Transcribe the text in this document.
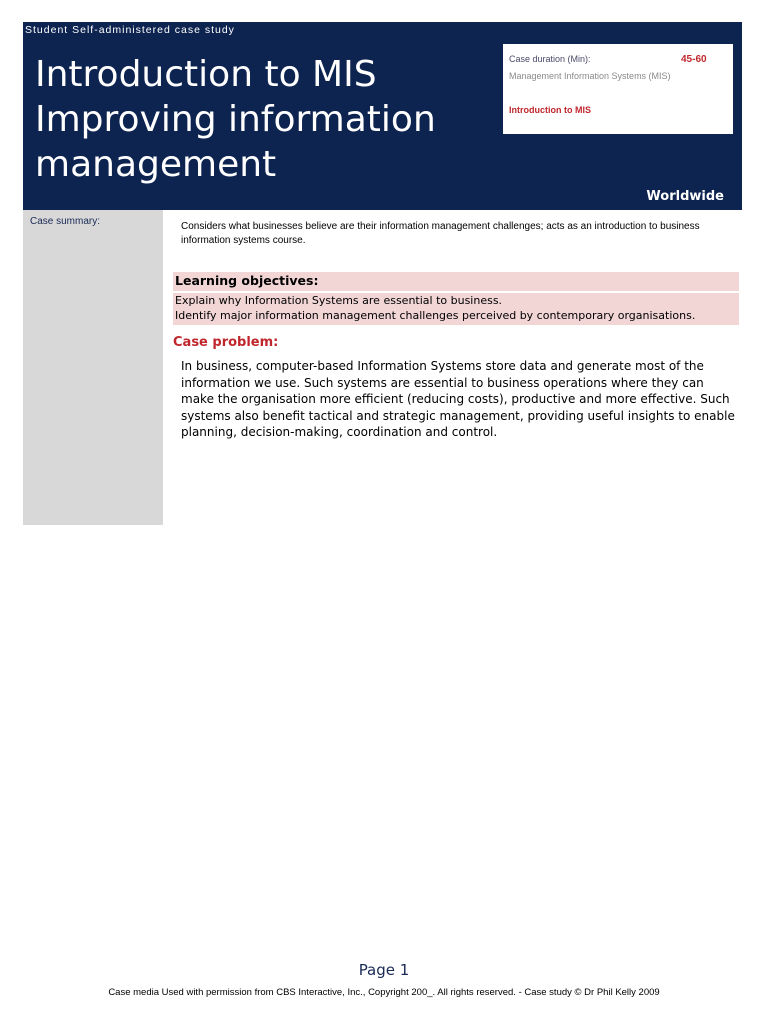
Student Self-administered case study
Introduction to MIS
Improving information
management
Case duration (Min):	45-60
Management Information Systems (MIS)
Introduction to MIS
Worldwide
Case summary:	Considers what businesses believe are their information management challenges; acts as an introduction to business information systems course.
Learning objectives:
Explain why Information Systems are essential to business.
Identify major information management challenges perceived by contemporary organisations.
Case problem:
In business, computer-based Information Systems store data and generate most of the information we use. Such systems are essential to business operations where they can make the organisation more efficient (reducing costs), productive and more effective. Such systems also benefit tactical and strategic management, providing useful insights to enable planning, decision-making, coordination and control.
Page 1
Case media Used with permission from CBS Interactive, Inc., Copyright 200_. All rights reserved. - Case study © Dr Phil Kelly 2009
